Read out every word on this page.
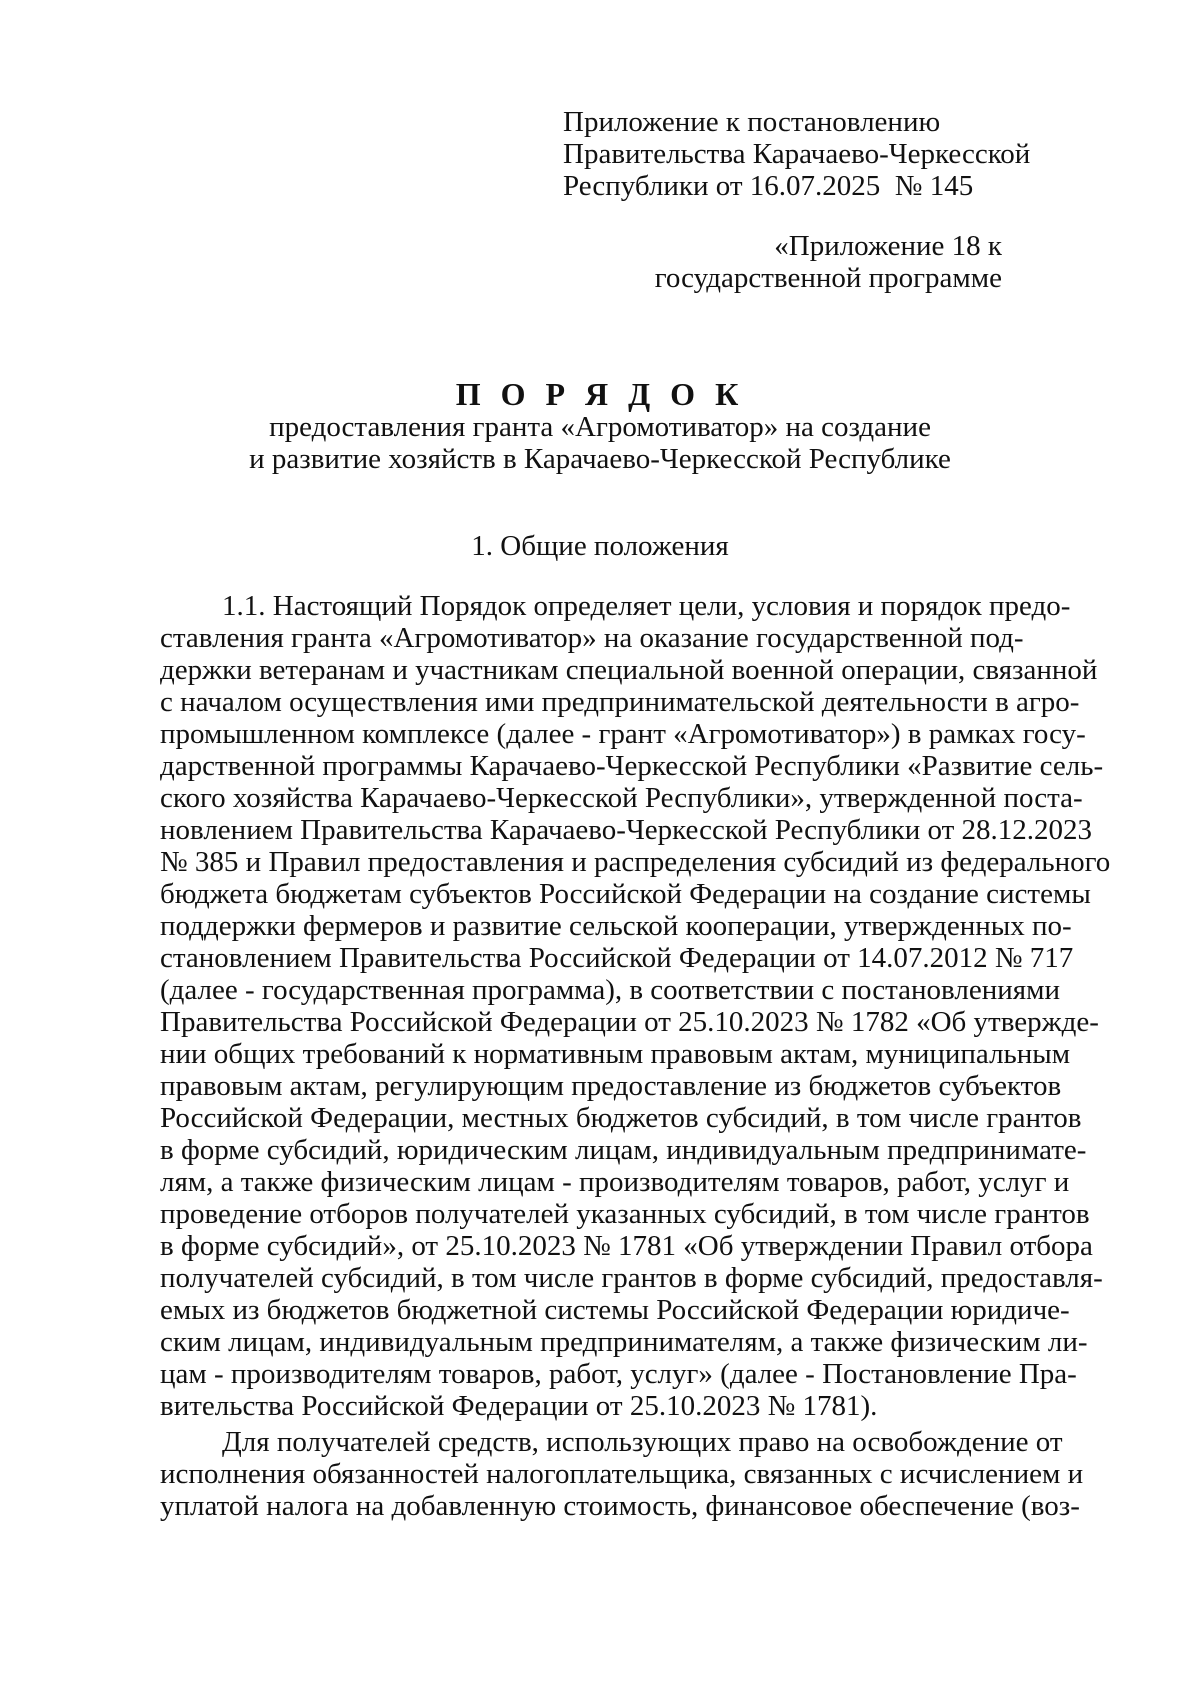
Приложение к постановлению
Правительства Карачаево-Черкесской
Республики от 16.07.2025  № 145
«Приложение 18 к
государственной программе
П О Р Я Д О К
предоставления гранта «Агромотиватор» на создание
и развитие хозяйств в Карачаево-Черкесской Республике
1. Общие положения
1.1. Настоящий Порядок определяет цели, условия и порядок предо-
ставления гранта «Агромотиватор» на оказание государственной под-
держки ветеранам и участникам специальной военной операции, связанной
с началом осуществления ими предпринимательской деятельности в агро-
промышленном комплексе (далее - грант «Агромотиватор») в рамках госу-
дарственной программы Карачаево-Черкесской Республики «Развитие сель-
ского хозяйства Карачаево-Черкесской Республики», утвержденной поста-
новлением Правительства Карачаево-Черкесской Республики от 28.12.2023
№ 385 и Правил предоставления и распределения субсидий из федерального
бюджета бюджетам субъектов Российской Федерации на создание системы
поддержки фермеров и развитие сельской кооперации, утвержденных по-
становлением Правительства Российской Федерации от 14.07.2012 № 717
(далее - государственная программа), в соответствии с постановлениями
Правительства Российской Федерации от 25.10.2023 № 1782 «Об утвержде-
нии общих требований к нормативным правовым актам, муниципальным
правовым актам, регулирующим предоставление из бюджетов субъектов
Российской Федерации, местных бюджетов субсидий, в том числе грантов
в форме субсидий, юридическим лицам, индивидуальным предпринимате-
лям, а также физическим лицам - производителям товаров, работ, услуг и
проведение отборов получателей указанных субсидий, в том числе грантов
в форме субсидий», от 25.10.2023 № 1781 «Об утверждении Правил отбора
получателей субсидий, в том числе грантов в форме субсидий, предоставля-
емых из бюджетов бюджетной системы Российской Федерации юридиче-
ским лицам, индивидуальным предпринимателям, а также физическим ли-
цам - производителям товаров, работ, услуг» (далее - Постановление Пра-
вительства Российской Федерации от 25.10.2023 № 1781).
Для получателей средств, использующих право на освобождение от
исполнения обязанностей налогоплательщика, связанных с исчислением и
уплатой налога на добавленную стоимость, финансовое обеспечение (воз-
